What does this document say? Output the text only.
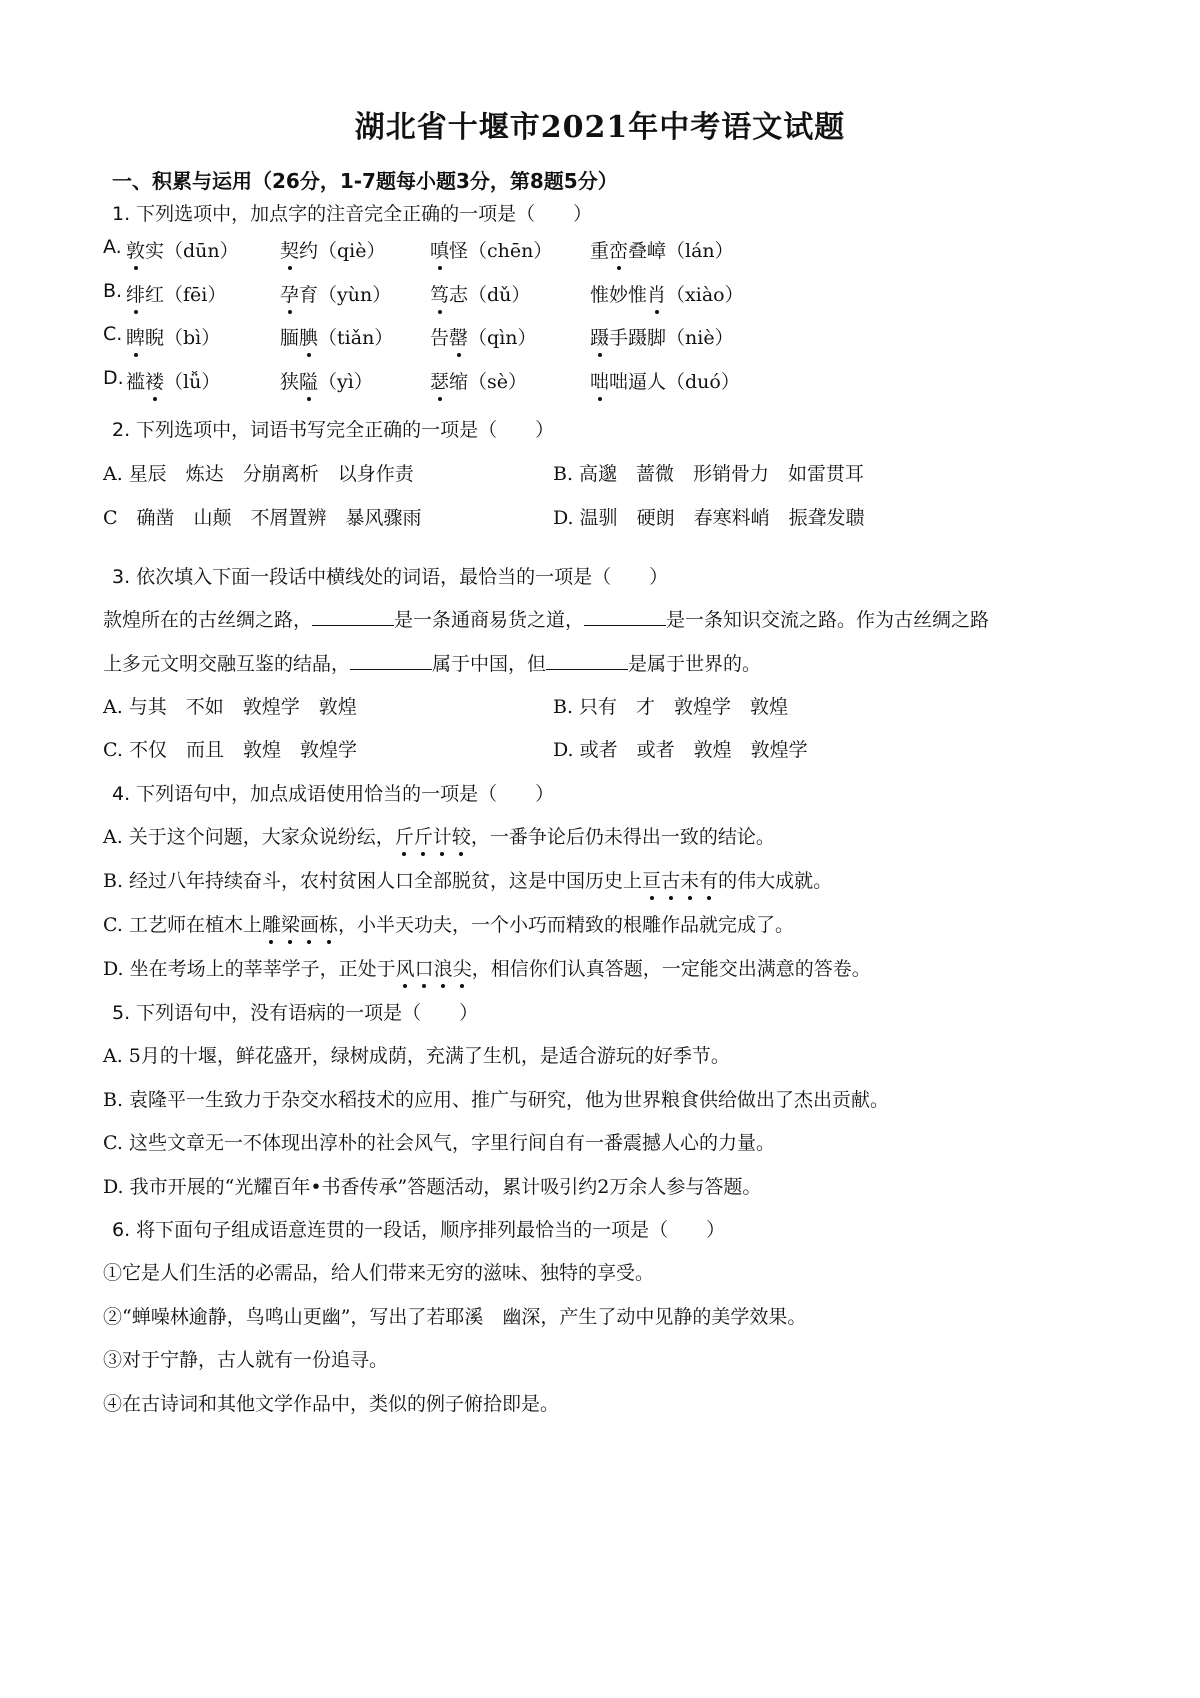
湖北省十堰市2021年中考语文试题
一、积累与运用（26分，1-7题每小题3分，第8题5分）
1. 下列选项中，加点字的注音完全正确的一项是（　　）
A. 敦实（dūn） 契约（qiè） 嗔怪（chēn） 重峦叠嶂（lán）
B. 绯红（fēi）	孕育（yùn） 笃志（dǔ）	惟妙惟肖（xiào）
C. 睥睨（bì）	腼腆（tiǎn） 告罄（qìn）	蹑手蹑脚（niè）
D. 褴褛（lǚ）	狭隘（yì）	瑟缩（sè）	咄咄逼人（duó）
2. 下列选项中，词语书写完全正确的一项是（　　）
A. 星辰　炼达　分崩离析　以身作责	B. 高邈　蔷微　形销骨力　如雷贯耳
C　确凿　山颠　不屑置辨　暴风骤雨	D. 温驯　硬朗　春寒料峭　振聋发聩
3. 依次填入下面一段话中横线处的词语，最恰当的一项是（　　）
款煌所在的古丝绸之路，	是一条通商易货之道，	是一条知识交流之路。作为古丝绸之路
上多元文明交融互鉴的结晶，	属于中国，但	是属于世界的。
A. 与其　不如　敦煌学　敦煌	B. 只有　才　敦煌学　敦煌
C. 不仅　而且　敦煌　敦煌学	D. 或者　或者　敦煌　敦煌学
4. 下列语句中，加点成语使用恰当的一项是（　　）
A. 关于这个问题，大家众说纷纭，斤斤计较，一番争论后仍未得出一致的结论。
B. 经过八年持续奋斗，农村贫困人口全部脱贫，这是中国历史上亘古未有的伟大成就。
C. 工艺师在植木上雕梁画栋，小半天功夫，一个小巧而精致的根雕作品就完成了。
D. 坐在考场上的莘莘学子，正处于风口浪尖，相信你们认真答题，一定能交出满意的答卷。
5. 下列语句中，没有语病的一项是（　　）
A. 5月的十堰，鲜花盛开，绿树成荫，充满了生机，是适合游玩的好季节。
B. 袁隆平一生致力于杂交水稻技术的应用、推广与研究，他为世界粮食供给做出了杰出贡献。
C. 这些文章无一不体现出淳朴的社会风气，字里行间自有一番震撼人心的力量。
D. 我市开展的“光耀百年•书香传承”答题活动，累计吸引约2万余人参与答题。
6. 将下面句子组成语意连贯的一段话，顺序排列最恰当的一项是（　　）
①它是人们生活的必需品，给人们带来无穷的滋味、独特的享受。
②“蝉噪林逾静，鸟鸣山更幽”，写出了若耶溪　幽深，产生了动中见静的美学效果。
③对于宁静，古人就有一份追寻。
④在古诗词和其他文学作品中，类似的例子俯拾即是。
